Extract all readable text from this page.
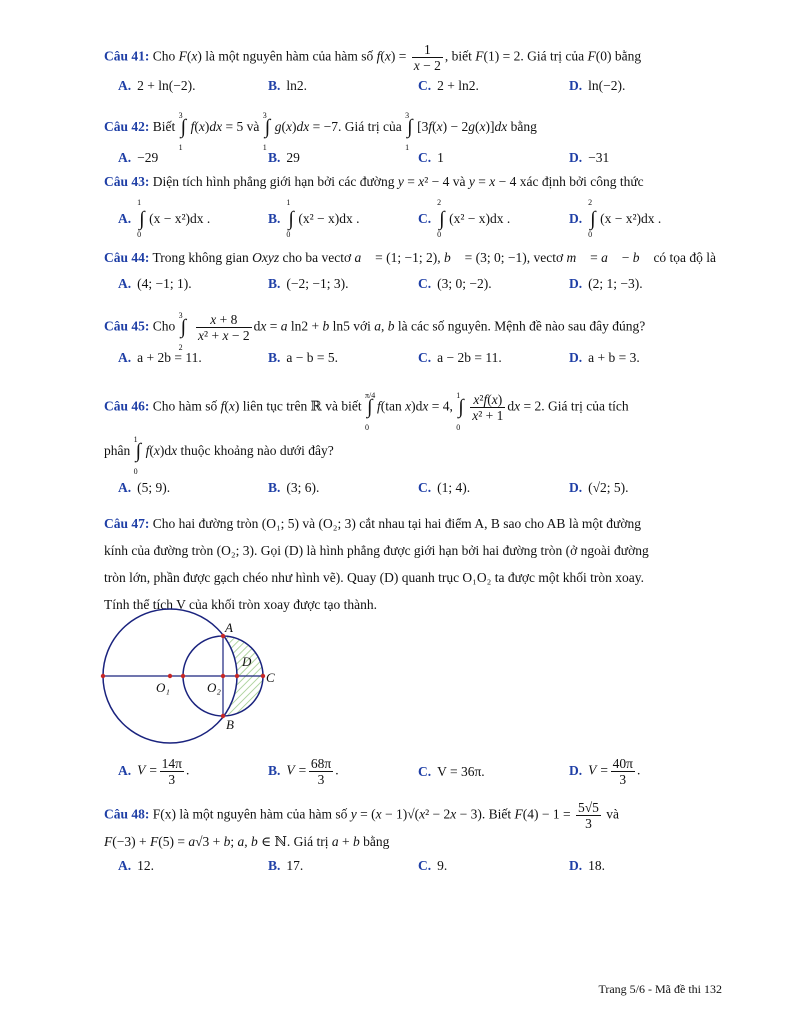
Câu 41: Cho F(x) là một nguyên hàm của hàm số $f(x) = \frac{1}{x - 2}$ , biết F(1) = 2. Giá trị của F(0) bằng
A. 2 + ln(−2).	B. ln2.	C. 2 + ln2.	D. ln(−2).
Câu 42: Biết
3
∫
1
f(x)dx = 5 và
3
∫
1
g(x)dx = −7. Giá trị của
3
∫
1
[3f(x) − 2g(x)]dx bằng
A. −29	B. 29	C. 1	D. −31
Câu 43: Diện tích hình phẳng giới hạn bởi các đường y = x² − 4 và y = x − 4 xác định bởi công thức
A.
1
∫
0
(x − x²)dx .	B.
1
∫
0
(x² − x)dx .	C.
2
∫
0
(x² − x)dx .	D.
2
∫
0
(x − x²)dx .
Câu 44: Trong không gian Oxyz cho ba vectơ a⃗ = (1; −1; 2), b⃗ = (3; 0; −1), vectơ m⃗ = a⃗ − b⃗ có tọa độ là
A. (4; −1; 1).	B. (−2; −1; 3).	C. (3; 0; −2).	D. (2; 1; −3).
Câu 45: Cho
3
∫
2

$\frac{x + 8}{\text{x² + x − 2}}$ dx = a ln2 + b ln5 với a, b là các số nguyên. Mệnh đề nào sau đây đúng?
A. a + 2b = 11.	B. a − b = 5.	C. a − 2b = 11.	D. a + b = 3.
Câu 46: Cho hàm số f(x) liên tục trên ℝ và biết
π/4
∫
0
f(tan x)dx = 4,
1
∫
0
$\frac{\text{x²f(x)}}{\text{x² + 1}}$ dx = 2. Giá trị của tích
phân
1
∫
0
f(x)dx thuộc khoảng nào dưới đây?
A. (5; 9).	B. (3; 6).	C. (1; 4).	D. (√2; 5).
Câu 47: Cho hai đường tròn (O₁; 5) và (O₂; 3) cắt nhau tại hai điểm A, B sao cho AB là một đường
kính của đường tròn (O₂; 3). Gọi (D) là hình phẳng được giới hạn bởi hai đường tròn (ở ngoài đường
tròn lớn, phần được gạch chéo như hình vẽ). Quay (D) quanh trục O₁O₂ ta được một khối tròn xoay.
Tính thể tích V của khối tròn xoay được tạo thành.
A
B
C
D
O₁	O₂
A. $V = \frac{14\pi}{3}$ .	B. $V = \frac{68\pi}{3}$ .	C. V = 36π.	D. $V = \frac{40\pi}{3}$ .
Câu 48: F(x) là một nguyên hàm của hàm số y = (x − 1)√(x² − 2x − 3). Biết $F(4) - 1 = \frac{5√5}{3}$ và
F(−3) + F(5) = a√3 + b; a, b ∈ ℕ. Giá trị a + b bằng
A. 12.	B. 17.	C. 9.	D. 18.
Trang 5/6 - Mã đề thi 132
